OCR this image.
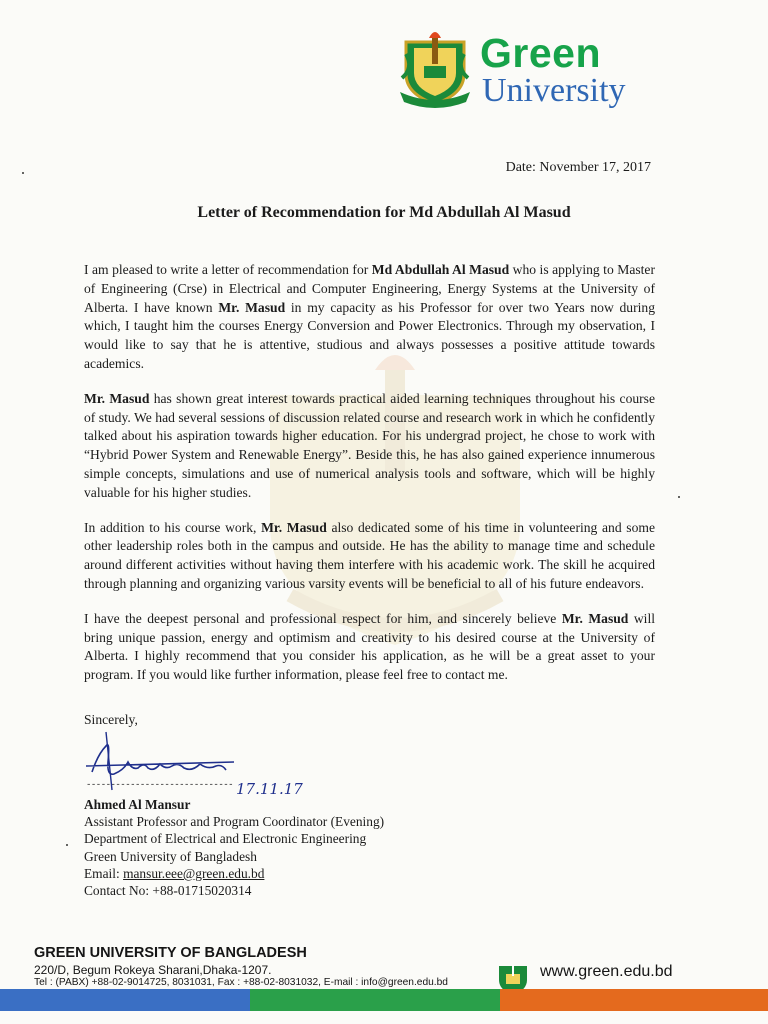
Green
University
Date: November 17, 2017
Letter of Recommendation for Md Abdullah Al Masud

I am pleased to write a letter of recommendation for Md Abdullah Al Masud who is applying to Master of Engineering (Crse) in Electrical and Computer Engineering, Energy Systems at the University of Alberta. I have known Mr. Masud in my capacity as his Professor for over two Years now during which, I taught him the courses Energy Conversion and Power Electronics. Through my observation, I would like to say that he is attentive, studious and always possesses a positive attitude towards academics.

Mr. Masud has shown great interest towards practical aided learning techniques throughout his course of study. We had several sessions of discussion related course and research work in which he confidently talked about his aspiration towards higher education. For his undergrad project, he chose to work with “Hybrid Power System and Renewable Energy”. Beside this, he has also gained experience innumerous simple concepts, simulations and use of numerical analysis tools and software, which will be highly valuable for his higher studies.

In addition to his course work, Mr. Masud also dedicated some of his time in volunteering and some other leadership roles both in the campus and outside. He has the ability to manage time and schedule around different activities without having them interfere with his academic work. The skill he acquired through planning and organizing various varsity events will be beneficial to all of his future endeavors.

I have the deepest personal and professional respect for him, and sincerely believe Mr. Masud will bring unique passion, energy and optimism and creativity to his desired course at the University of Alberta. I highly recommend that you consider his application, as he will be a great asset to your program. If you would like further information, please feel free to contact me.

Sincerely,
17.11.17
------------------------------
Ahmed Al Mansur
Assistant Professor and Program Coordinator (Evening)
Department of Electrical and Electronic Engineering
Green University of Bangladesh
Email: mansur.eee@green.edu.bd
Contact No: +88-01715020314
GREEN UNIVERSITY OF BANGLADESH
220/D, Begum Rokeya Sharani,Dhaka-1207.
Tel : (PABX) +88-02-9014725, 8031031, Fax : +88-02-8031032, E-mail : info@green.edu.bd
www.green.edu.bd
